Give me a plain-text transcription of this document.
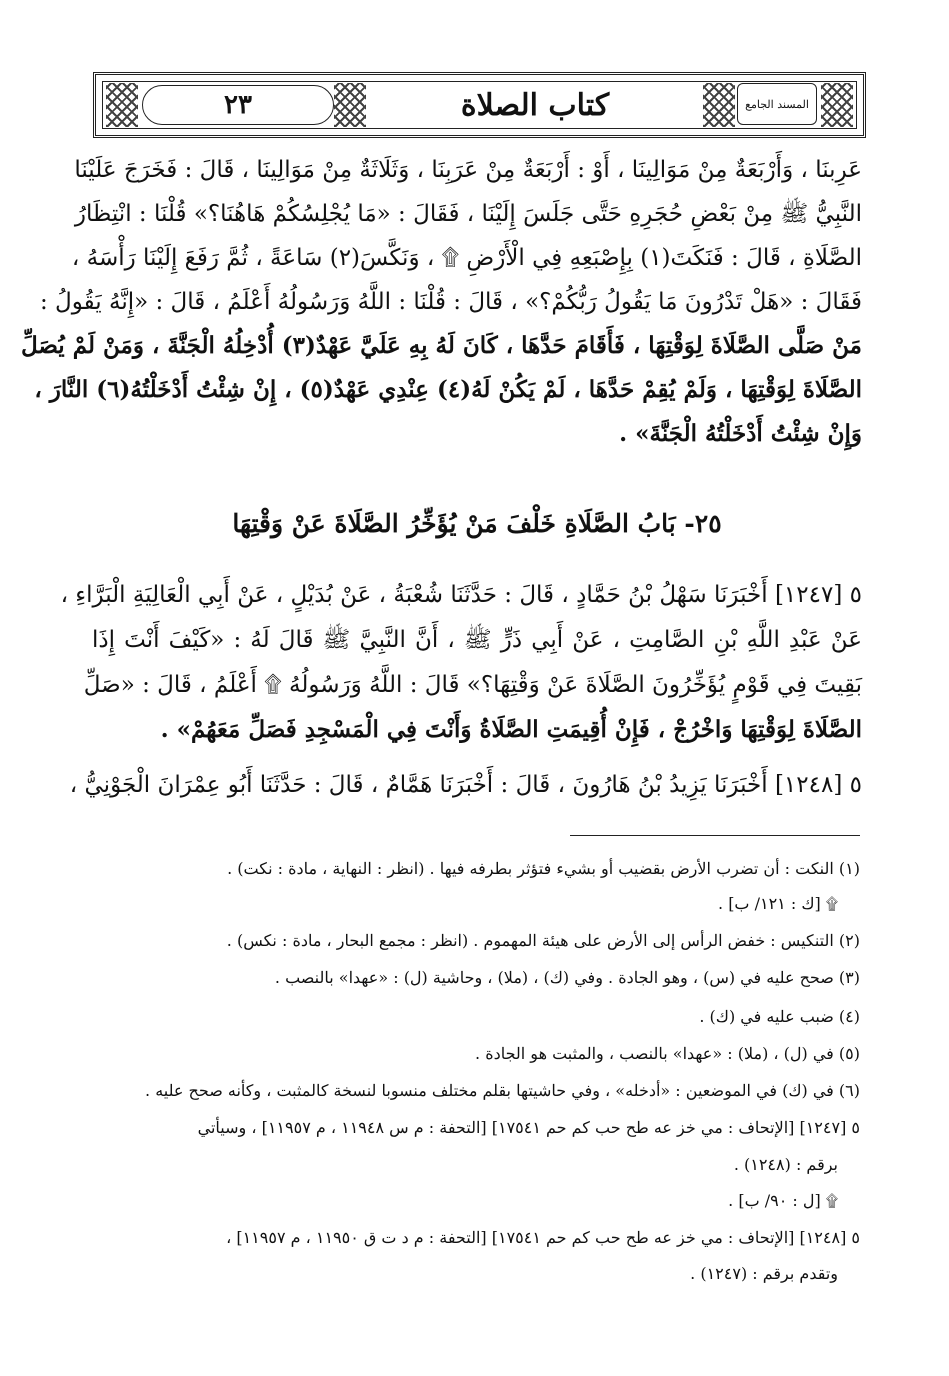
٢٣	كتاب الصلاة	المسند الجامع
عَرِبنَا ، وَأَرْبَعَةٌ مِنْ مَوَالِينَا ، أَوْ : أَرْبَعَةٌ مِنْ عَرَبِنَا ، وَثَلَاثَةٌ مِنْ مَوَالِينَا ، قَالَ : فَخَرَجَ عَلَيْنَا
النَّبِيُّ ﷺ مِنْ بَعْضِ حُجَرِهِ حَتَّى جَلَسَ إِلَيْنَا ، فَقَالَ : «مَا يُجْلِسُكُمْ هَاهُنَا؟» قُلْنَا : انْتِظَارُ
الصَّلَاةِ ، قَالَ : فَنَكَتَ(١) بِإِصْبَعِهِ فِي الْأَرْضِ ۩ ، وَنَكَّسَ(٢) سَاعَةً ، ثُمَّ رَفَعَ إِلَيْنَا رَأْسَهُ ،
فَقَالَ : «هَلْ تَدْرُونَ مَا يَقُولُ رَبُّكُمْ؟» ، قَالَ : قُلْنَا : اللَّهُ وَرَسُولُهُ أَعْلَمُ ، قَالَ : «إِنَّهُ يَقُولُ :
مَنْ صَلَّى الصَّلَاةَ لِوَقْتِهَا ، فَأَقَامَ حَدَّهَا ، كَانَ لَهُ بِهِ عَلَيَّ عَهْدٌ(٣) أُدْخِلُهُ الْجَنَّةَ ، وَمَنْ لَمْ يُصَلِّ
الصَّلَاةَ لِوَقْتِهَا ، وَلَمْ يُقِمْ حَدَّهَا ، لَمْ يَكُنْ لَهُ(٤) عِنْدِي عَهْدٌ(٥) ، إِنْ شِئْتُ أَدْخَلْتُهُ(٦) النَّارَ ،
وَإِنْ شِئْتُ أَدْخَلْتُهُ الْجَنَّةَ» .
٢٥- بَابُ الصَّلَاةِ خَلْفَ مَنْ يُؤَخِّرُ الصَّلَاةَ عَنْ وَقْتِهَا
٥ [١٢٤٧] أَخْبَرَنَا سَهْلُ بْنُ حَمَّادٍ ، قَالَ : حَدَّثَنَا شُعْبَةُ ، عَنْ بُدَيْلٍ ، عَنْ أَبِي الْعَالِيَةِ الْبَرَّاءِ ،
عَنْ عَبْدِ اللَّهِ بْنِ الصَّامِتِ ، عَنْ أَبِي ذَرٍّ ﷺ ، أَنَّ النَّبِيَّ ﷺ قَالَ لَهُ : «كَيْفَ أَنْتَ إِذَا
بَقِيتَ فِي قَوْمٍ يُؤَخِّرُونَ الصَّلَاةَ عَنْ وَقْتِهَا؟» قَالَ : اللَّهُ وَرَسُولُهُ ۩ أَعْلَمُ ، قَالَ : «صَلِّ
الصَّلَاةَ لِوَقْتِهَا وَاخْرُجْ ، فَإِنْ أُقِيمَتِ الصَّلَاةُ وَأَنْتَ فِي الْمَسْجِدِ فَصَلِّ مَعَهُمْ» .
٥ [١٢٤٨] أَخْبَرَنَا يَزِيدُ بْنُ هَارُونَ ، قَالَ : أَخْبَرَنَا هَمَّامٌ ، قَالَ : حَدَّثَنَا أَبُو عِمْرَانَ الْجَوْنِيُّ ،
(١) النكت : أن تضرب الأرض بقضيب أو بشيء فتؤثر بطرفه فيها . (انظر : النهاية ، مادة : نكت) .
۩ [ك : ١٢١/ ب] .
(٢) التنكيس : خفض الرأس إلى الأرض على هيئة المهموم . (انظر : مجمع البحار ، مادة : نكس) .
(٣) صحح عليه في (س) ، وهو الجادة . وفي (ك) ، (ملا) ، وحاشية (ل) : «عهدا» بالنصب .
(٤) ضبب عليه في (ك) .
(٥) في (ل) ، (ملا) : «عهدا» بالنصب ، والمثبت هو الجادة .
(٦) في (ك) في الموضعين : «أدخله» ، وفي حاشيتها بقلم مختلف منسوبا لنسخة كالمثبت ، وكأنه صحح عليه .
٥ [١٢٤٧] [الإتحاف : مي خز عه طح حب كم حم ١٧٥٤١] [التحفة : م س ١١٩٤٨ ، م ١١٩٥٧] ، وسيأتي
برقم : (١٢٤٨) .
۩ [ل : ٩٠/ ب] .
٥ [١٢٤٨] [الإتحاف : مي خز عه طح حب كم حم ١٧٥٤١] [التحفة : م د ت ق ١١٩٥٠ ، م ١١٩٥٧] ،
وتقدم برقم : (١٢٤٧) .
